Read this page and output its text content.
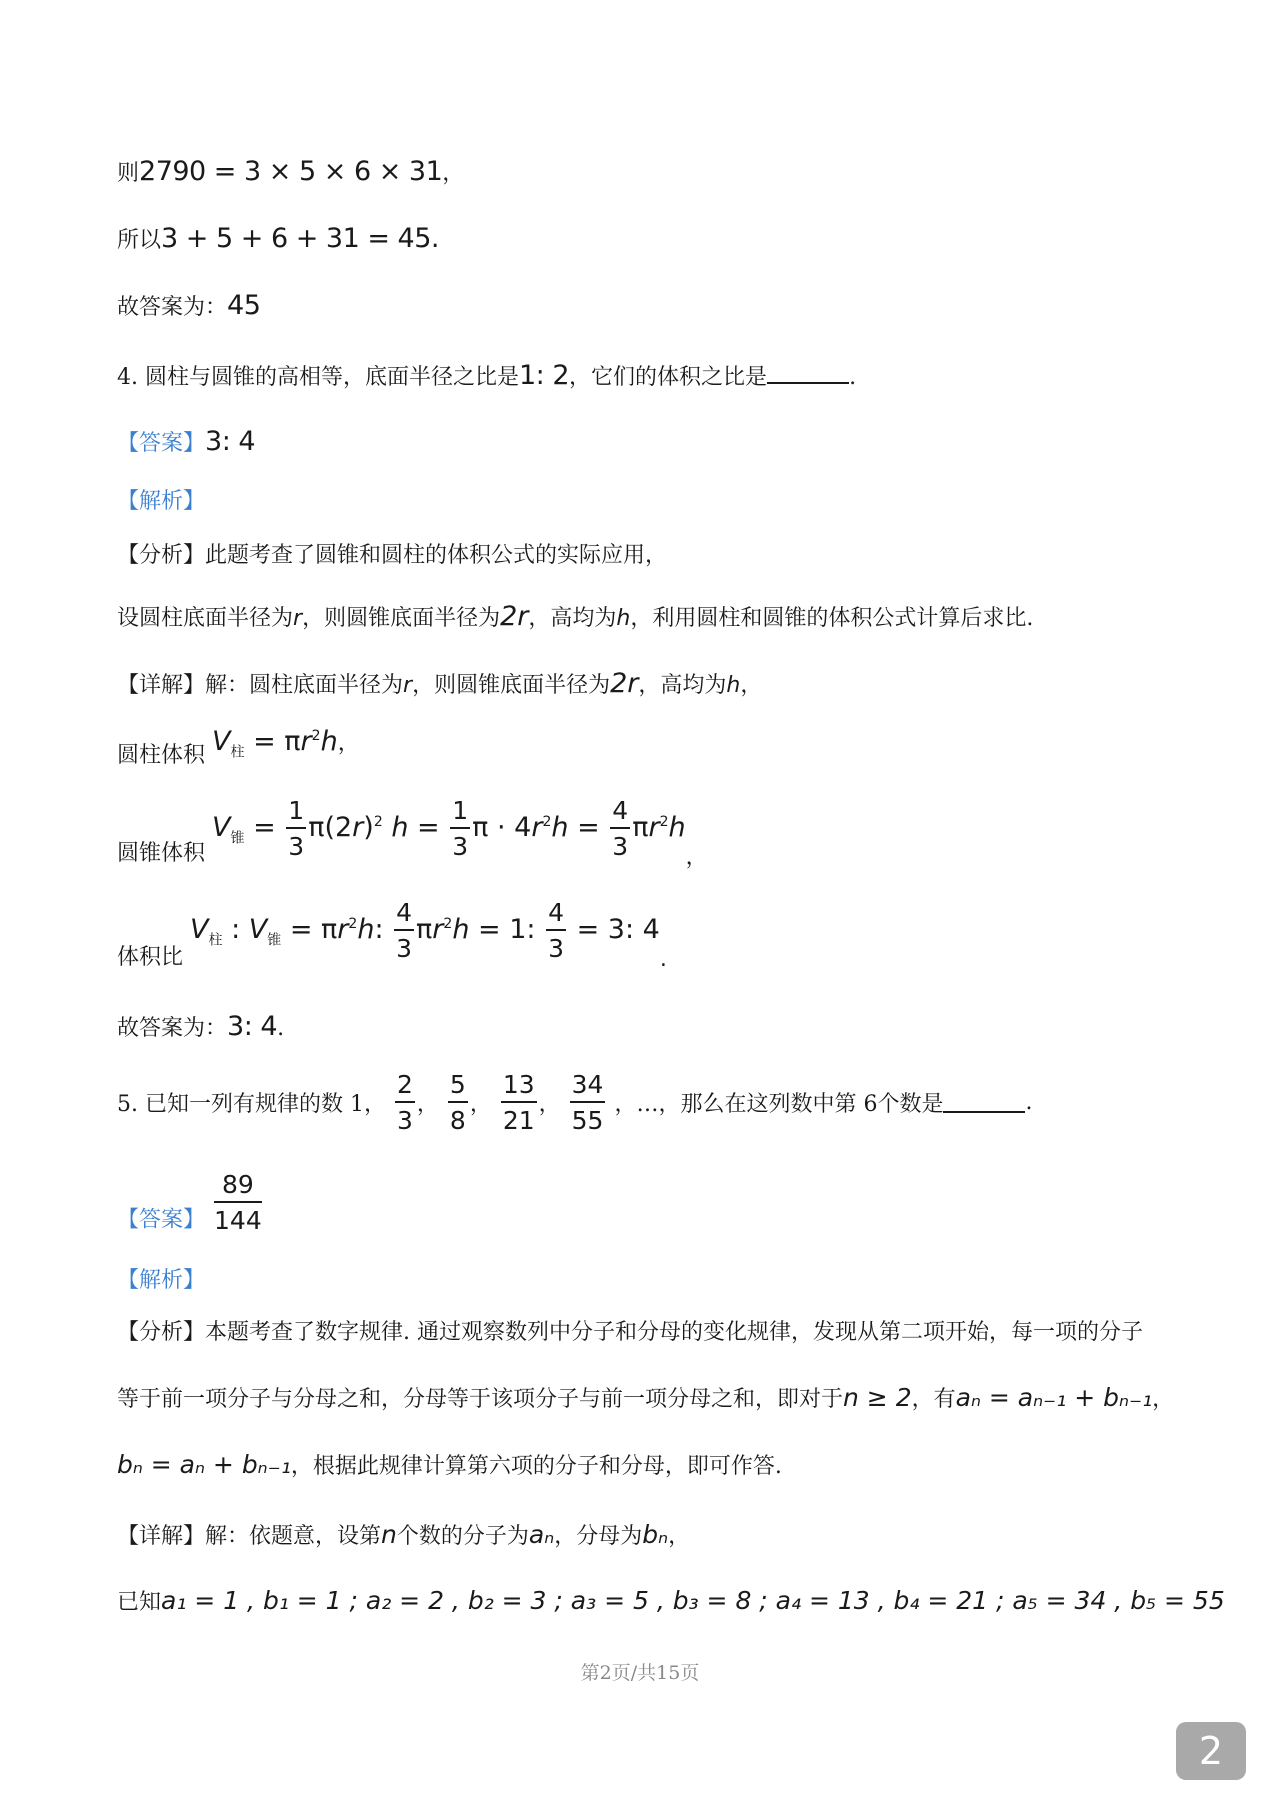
则2790 = 3 × 5 × 6 × 31，
所以3 + 5 + 6 + 31 = 45.
故答案为：45
4. 圆柱与圆锥的高相等，底面半径之比是1: 2，它们的体积之比是	.
【答案】3: 4
【解析】
【分析】此题考查了圆锥和圆柱的体积公式的实际应用，
设圆柱底面半径为r，则圆锥底面半径为2r，高均为h，利用圆柱和圆锥的体积公式计算后求比.
【详解】解：圆柱底面半径为r，则圆锥底面半径为2r，高均为h，
圆柱体积 $V_柱 = \pi r^2h$，
圆锥体积
$V_锥 = \frac{1}{3} \pi(2r)^2$ $h = \frac{1}{3}$ $\pi \cdot 4r^2h = \frac{4}{3} \pi r^2h_,$
体积比
$V_柱$ : $V_锥 = \pi r^2h$: $\frac{4}{3} \pi r^2h = 1$: $\frac{4}{3} = 3$: $4_.$
故答案为：3: 4.
5. 已知一列有规律的数 1， $\frac{2}{3}$ ， $\frac{5}{8}$ ， $\frac{13}{21}$ ， $\frac{34}{55}$ ，…，那么在这列数中第 6个数是	.
【答案】 $\frac{89}{144}$
【解析】
【分析】本题考查了数字规律. 通过观察数列中分子和分母的变化规律，发现从第二项开始，每一项的分子
等于前一项分子与分母之和，分母等于该项分子与前一项分母之和，即对于n ≥ 2，有aₙ = aₙ₋₁ + bₙ₋₁，
bₙ = aₙ + bₙ₋₁，根据此规律计算第六项的分子和分母，即可作答.
【详解】解：依题意，设第n个数的分子为aₙ，分母为bₙ，
已知a₁ = 1 , b₁ = 1 ; a₂ = 2 , b₂ = 3 ; a₃ = 5 , b₃ = 8 ; a₄ = 13 , b₄ = 21 ; a₅ = 34 , b₅ = 55
第2页/共15页
2
